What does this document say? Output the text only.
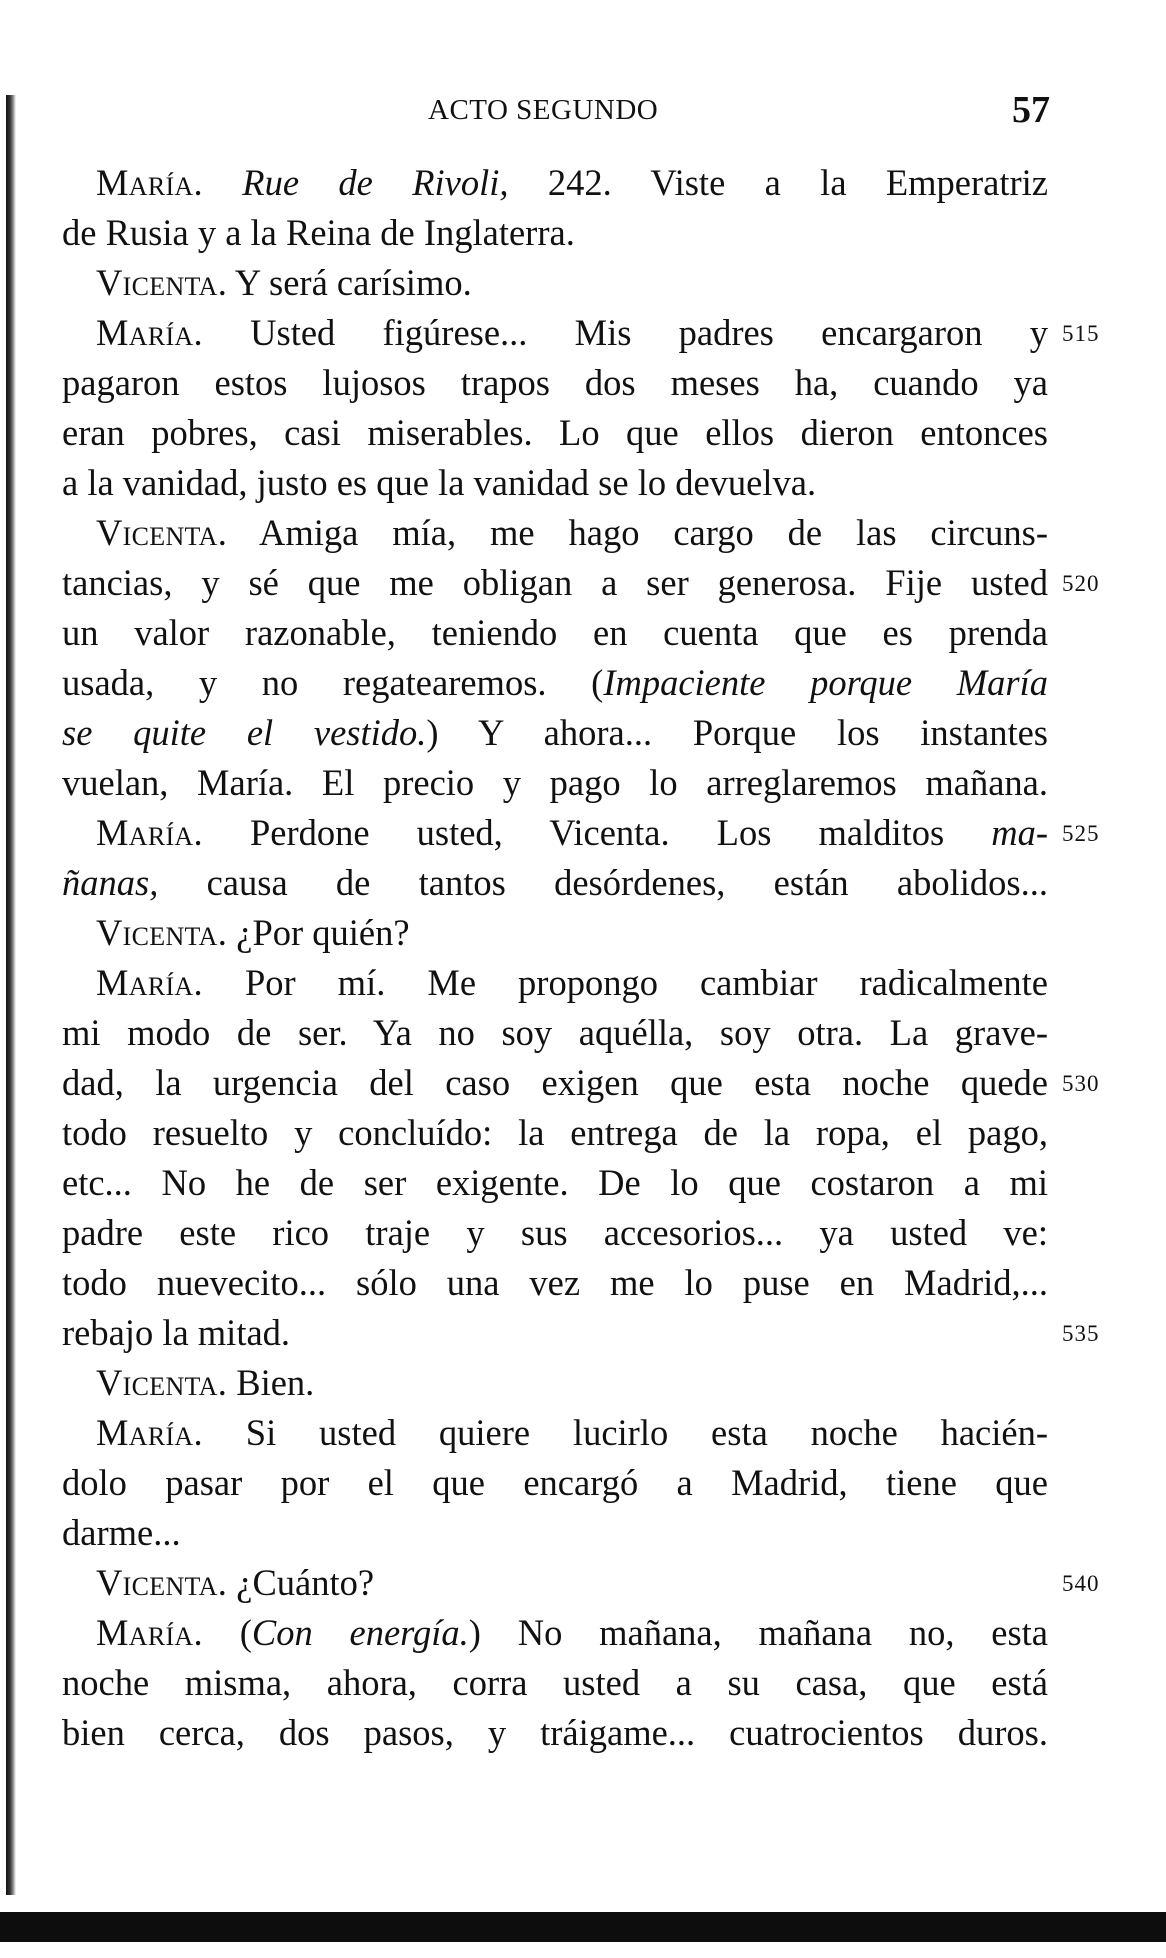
ACTO SEGUNDO	57
María. Rue de Rivoli, 242. Viste a la Emperatriz
de Rusia y a la Reina de Inglaterra.
Vicenta. Y será carísimo.
María. Usted figúrese... Mis padres encargaron y 515
pagaron estos lujosos trapos dos meses ha, cuando ya
eran pobres, casi miserables. Lo que ellos dieron entonces
a la vanidad, justo es que la vanidad se lo devuelva.
Vicenta. Amiga mía, me hago cargo de las circuns-
tancias, y sé que me obligan a ser generosa. Fije usted 520
un valor razonable, teniendo en cuenta que es prenda
usada, y no regatearemos. (Impaciente porque María
se quite el vestido.) Y ahora... Porque los instantes
vuelan, María. El precio y pago lo arreglaremos mañana.
María. Perdone usted, Vicenta. Los malditos ma- 525
ñanas, causa de tantos desórdenes, están abolidos...
Vicenta. ¿Por quién?
María. Por mí. Me propongo cambiar radicalmente
mi modo de ser. Ya no soy aquélla, soy otra. La grave-
dad, la urgencia del caso exigen que esta noche quede 530
todo resuelto y concluído: la entrega de la ropa, el pago,
etc... No he de ser exigente. De lo que costaron a mi
padre este rico traje y sus accesorios... ya usted ve:
todo nuevecito... sólo una vez me lo puse en Madrid,...
rebajo la mitad.	535
Vicenta. Bien.
María. Si usted quiere lucirlo esta noche hacién-
dolo pasar por el que encargó a Madrid, tiene que
darme...
Vicenta. ¿Cuánto?	540
María. (Con energía.) No mañana, mañana no, esta
noche misma, ahora, corra usted a su casa, que está
bien cerca, dos pasos, y tráigame... cuatrocientos duros.
